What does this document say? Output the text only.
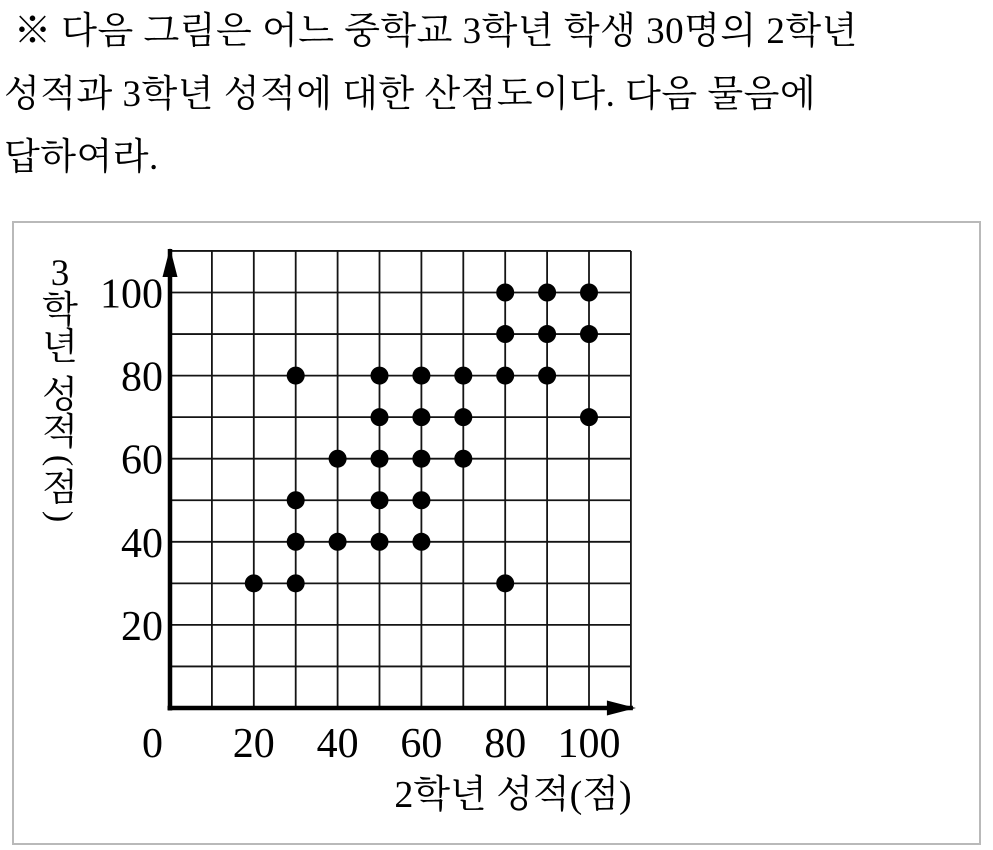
※ 다음 그림은 어느 중학교 3학년 학생 30명의 2학년
성적과 3학년 성적에 대한 산점도이다. 다음 물음에
답하여라.
3
학
년
성
적
(
점
)
20
40
60
80
100
20 40 60 80 100
0
2학년 성적(점)
